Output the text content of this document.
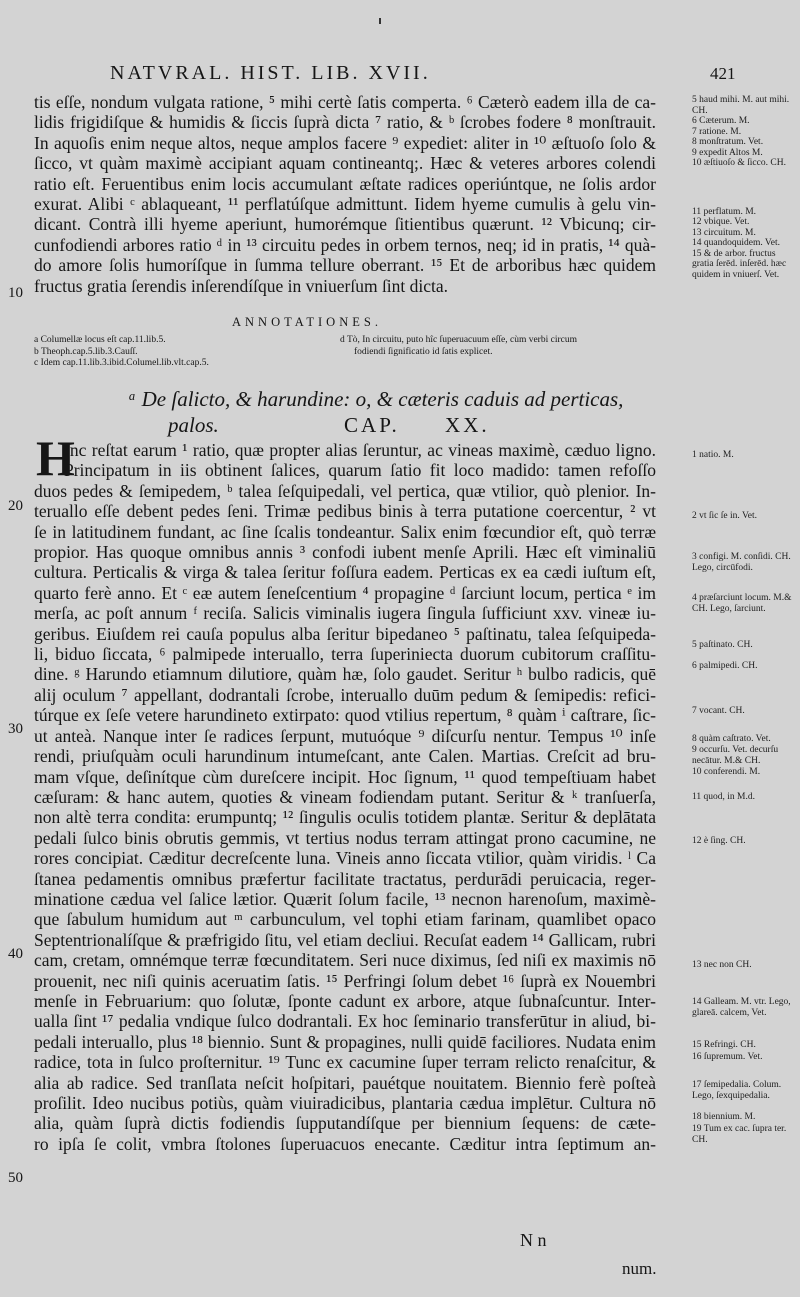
NATVRAL. HIST. LIB. XVII.	421
tis eſſe, nondum vulgata ratione, ⁵ mihi certè ſatis comperta. ⁶ Cæterò eadem illa de ca-
lidis frigidiſque & humidis & ſiccis ſuprà dicta ⁷ ratio, & ᵇ ſcrobes fodere ⁸ monſtrauit.
In aquoſis enim neque altos, neque amplos facere ⁹ expediet: aliter in ¹⁰ æſtuoſo ſolo &
ſicco, vt quàm maximè accipiant aquam contineantq;. Hæc & veteres arbores colendi
ratio eſt. Feruentibus enim locis accumulant æſtate radices operiúntque, ne ſolis ardor
exurat. Alibi ᶜ ablaqueant, ¹¹ perflatúſque admittunt. Iidem hyeme cumulis à gelu vin-
dicant. Contrà illi hyeme aperiunt, humorémque ſitientibus quærunt. ¹² Vbicunq; cir-
cunfodiendi arbores ratio ᵈ in ¹³ circuitu pedes in orbem ternos, neq; id in pratis, ¹⁴ quà-
do amore ſolis humoríſque in ſumma tellure oberrant. ¹⁵ Et de arboribus hæc quidem
fructus gratia ſerendis inſerendíſque in vniuerſum ſint dicta.
5 haud mihi. M. aut mihi. CH.
6 Cæterum. M.
7 ratione. M.
8 monſtratum. Vet.
9 expedit Altos M.
10 æſtiuoſo & ſicco. CH.
11 perflatum. M.
12 vbique. Vet.
13 circuitum. M.
14 quandoquidem. Vet.
15 & de arbor. fructus gratia ſerēd. inſerēd. hæc quidem in vniuerſ. Vet.
ANNOTATIONES.
a Columellæ locus eſt cap.11.lib.5.
b Theoph.cap.5.lib.3.Cauſſ.
c Idem cap.11.lib.3.ibid.Columel.lib.vlt.cap.5.
d Tò, In circuitu, puto hîc ſuperuacuum eſſe, cùm verbi circum
fodiendi ſignificatio id ſatis explicet.
ᵃ De ſalicto, & harundine: o, & cæteris caduis ad perticas,
palos.	CAP. XX.
H
Inc reſtat earum ¹ ratio, quæ propter alias ſeruntur, ac vineas maximè, cæduo ligno.
Principatum in iis obtinent ſalices, quarum ſatio fit loco madido: tamen refoſſo
duos pedes & ſemipedem, ᵇ talea ſeſquipedali, vel pertica, quæ vtilior, quò plenior. In-
teruallo eſſe debent pedes ſeni. Trimæ pedibus binis à terra putatione coercentur, ² vt
ſe in latitudinem fundant, ac ſine ſcalis tondeantur. Salix enim fœcundior eſt, quò terræ
propior. Has quoque omnibus annis ³ confodi iubent menſe Aprili. Hæc eſt viminaliū
cultura. Perticalis & virga & talea ſeritur foſſura eadem. Perticas ex ea cædi iuſtum eſt,
quarto ferè anno. Et ᶜ eæ autem ſeneſcentium ⁴ propagine ᵈ ſarciunt locum, pertica ᵉ im
merſa, ac poſt annum ᶠ reciſa. Salicis viminalis iugera ſingula ſufficiunt xxv. vineæ iu-
geribus. Eiuſdem rei cauſa populus alba ſeritur bipedaneo ⁵ paſtinatu, talea ſeſquipeda-
li, biduo ſiccata, ⁶ palmipede interuallo, terra ſuperiniecta duorum cubitorum craſſitu-
dine. ᵍ Harundo etiamnum dilutiore, quàm hæ, ſolo gaudet. Seritur ʰ bulbo radicis, quē
alij oculum ⁷ appellant, dodrantali ſcrobe, interuallo duūm pedum & ſemipedis: refici-
túrque ex ſeſe vetere harundineto extirpato: quod vtilius repertum, ⁸ quàm ⁱ caſtrare, ſic-
ut anteà. Nanque inter ſe radices ſerpunt, mutuóque ⁹ diſcurſu nentur. Tempus ¹⁰ inſe
rendi, priuſquàm oculi harundinum intumeſcant, ante Calen. Martias. Creſcit ad bru-
mam vſque, deſinítque cùm dureſcere incipit. Hoc ſignum, ¹¹ quod tempeſtiuam habet
cæſuram: & hanc autem, quoties & vineam fodiendam putant. Seritur & ᵏ tranſuerſa,
non altè terra condita: erumpuntq; ¹² ſingulis oculis totidem plantæ. Seritur & deplātata
pedali ſulco binis obrutis gemmis, vt tertius nodus terram attingat prono cacumine, ne
rores concipiat. Cæditur decreſcente luna. Vineis anno ſiccata vtilior, quàm viridis. ˡ Ca
ſtanea pedamentis omnibus præfertur facilitate tractatus, perdurādi peruicacia, reger-
minatione cædua vel ſalice lætior. Quærit ſolum facile, ¹³ necnon harenoſum, maximè-
que ſabulum humidum aut ᵐ carbunculum, vel tophi etiam farinam, quamlibet opaco
Septentrionalíſque & præfrigido ſitu, vel etiam decliui. Recuſat eadem ¹⁴ Gallicam, rubri
cam, cretam, omnémque terræ fœcunditatem. Seri nuce diximus, ſed niſi ex maximis nō
prouenit, nec niſi quinis aceruatim ſatis. ¹⁵ Perfringi ſolum debet ¹⁶ ſuprà ex Nouembri
menſe in Februarium: quo ſolutæ, ſponte cadunt ex arbore, atque ſubnaſcuntur. Inter-
ualla ſint ¹⁷ pedalia vndique ſulco dodrantali. Ex hoc ſeminario transferūtur in aliud, bi-
pedali interuallo, plus ¹⁸ biennio. Sunt & propagines, nulli quidē faciliores. Nudata enim
radice, tota in ſulco proſternitur. ¹⁹ Tunc ex cacumine ſuper terram relicto renaſcitur, &
alia ab radice. Sed tranſlata neſcit hoſpitari, pauétque nouitatem. Biennio ferè poſteà
proſilit. Ideo nucibus potiùs, quàm viuiradicibus, plantaria cædua implētur. Cultura nō
alia, quàm ſuprà dictis fodiendis ſupputandíſque per biennium ſequens: de cæte-
ro ipſa ſe colit, vmbra ſtolones ſuperuacuos enecante. Cæditur intra ſeptimum an-
1 natio. M.
2 vt ſic ſe in. Vet.
3 configi. M. conſidi. CH. Lego, circūfodi.
4 præſarciunt locum. M.& CH. Lego, ſarciunt.
5 paſtinato. CH.
6 palmipedi. CH.
7 vocant. CH.
8 quàm caſtrato. Vet.
9 occurſu. Vet. decurſu necātur. M.& CH.
10 conferendi. M.
11 quod, in M.d.
12 è ſing. CH.
13 nec non CH.
14 Galleam. M. vtr. Lego, glareā. calcem, Vet.
15 Refringi. CH.
16 ſupremum. Vet.
17 ſemipedalia. Colum. Lego, ſexquipedalia.
18 biennium. M.
19 Tum ex cac. ſupra ter. CH.
10
20
30
40
50
N n
num.
